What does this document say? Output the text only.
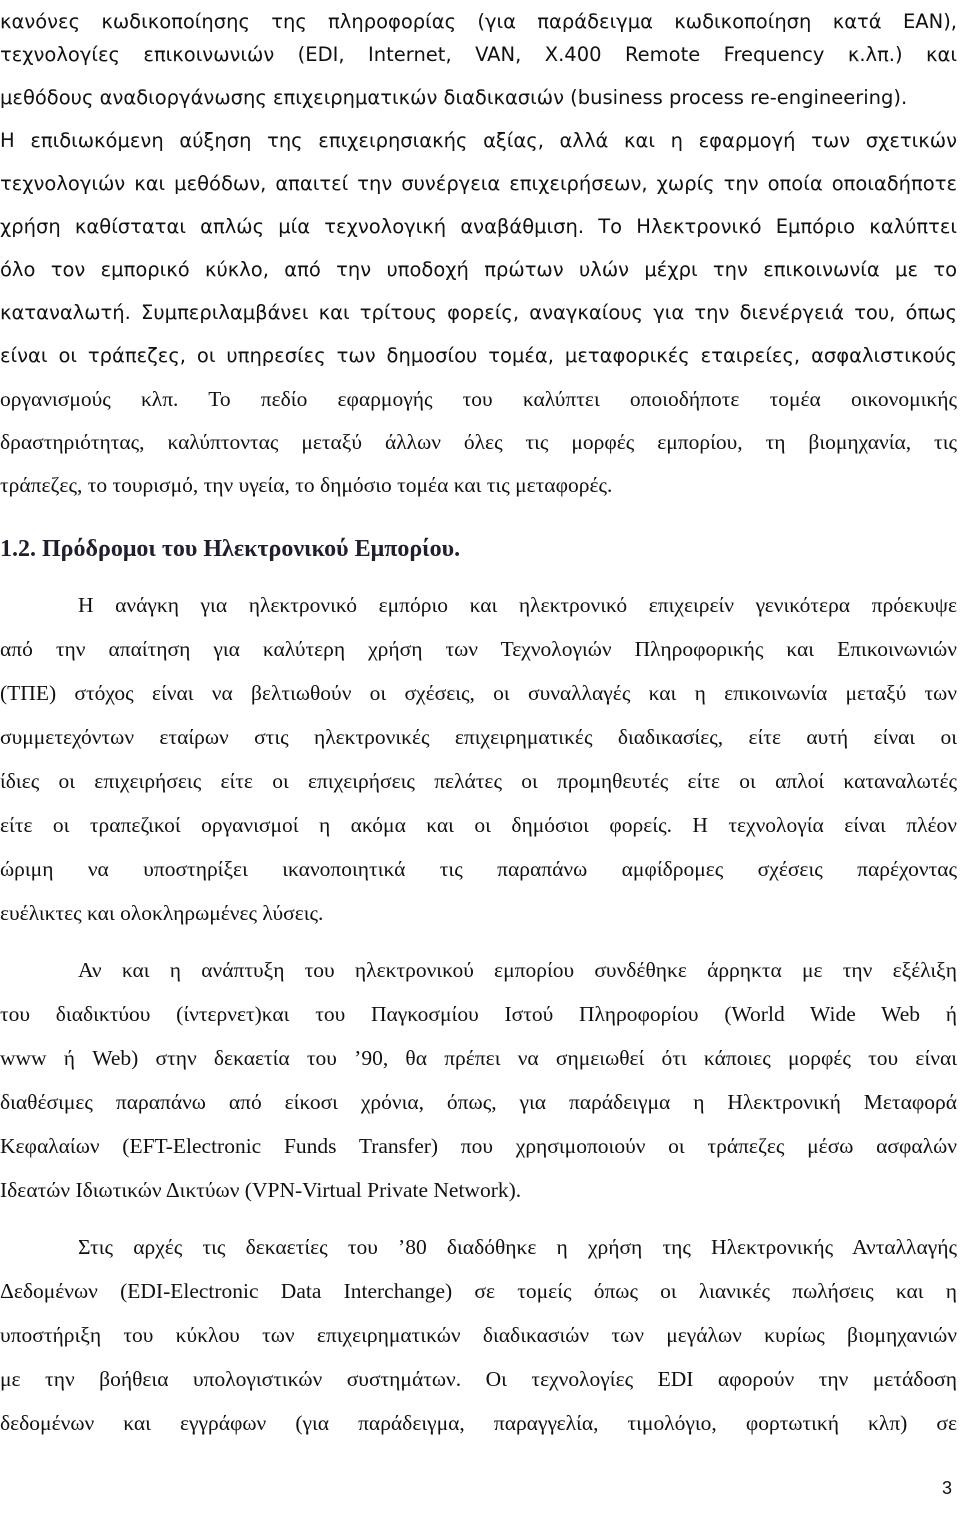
κανόνες κωδικοποίησης της πληροφορίας (για παράδειγμα κωδικοποίηση κατά EAN),
τεχνολογίες επικοινωνιών (EDI, Internet, VAN, X.400 Remote Frequency κ.λπ.) και
μεθόδους αναδιοργάνωσης επιχειρηματικών διαδικασιών (business process re-engineering).
Η επιδιωκόμενη αύξηση της επιχειρησιακής αξίας, αλλά και η εφαρμογή των σχετικών
τεχνολογιών και μεθόδων, απαιτεί την συνέργεια επιχειρήσεων, χωρίς την οποία οποιαδήποτε
χρήση καθίσταται απλώς μία τεχνολογική αναβάθμιση. Το Ηλεκτρονικό Εμπόριο καλύπτει
όλο τον εμπορικό κύκλο, από την υποδοχή πρώτων υλών μέχρι την επικοινωνία με το
καταναλωτή. Συμπεριλαμβάνει και τρίτους φορείς, αναγκαίους για την διενέργειά του, όπως
είναι οι τράπεζες, οι υπηρεσίες των δημοσίου τομέα, μεταφορικές εταιρείες, ασφαλιστικούς
οργανισμούς κλπ. Το πεδίο εφαρμογής του καλύπτει οποιοδήποτε τομέα οικονομικής
δραστηριότητας, καλύπτοντας μεταξύ άλλων όλες τις μορφές εμπορίου, τη βιομηχανία, τις
τράπεζες, το τουρισμό, την υγεία, το δημόσιο τομέα και τις μεταφορές.
1.2. Πρόδρομοι του Ηλεκτρονικού Εμπορίου.
Η ανάγκη για ηλεκτρονικό εμπόριο και ηλεκτρονικό επιχειρείν γενικότερα πρόεκυψε
από την απαίτηση για καλύτερη χρήση των Τεχνολογιών Πληροφορικής και Επικοινωνιών
(ΤΠΕ) στόχος είναι να βελτιωθούν οι σχέσεις, οι συναλλαγές και η επικοινωνία μεταξύ των
συμμετεχόντων εταίρων στις ηλεκτρονικές επιχειρηματικές διαδικασίες, είτε αυτή είναι οι
ίδιες οι επιχειρήσεις είτε οι επιχειρήσεις πελάτες οι προμηθευτές είτε οι απλοί καταναλωτές
είτε οι τραπεζικοί οργανισμοί η ακόμα και οι δημόσιοι φορείς. Η τεχνολογία είναι πλέον
ώριμη να υποστηρίξει ικανοποιητικά τις παραπάνω αμφίδρομες σχέσεις παρέχοντας
ευέλικτες και ολοκληρωμένες λύσεις.
Αν και η ανάπτυξη του ηλεκτρονικού εμπορίου συνδέθηκε άρρηκτα με την εξέλιξη
του διαδικτύου (ίντερνετ)και του Παγκοσμίου Ιστού Πληροφορίου (World Wide Web ή
www ή Web) στην δεκαετία του ’90, θα πρέπει να σημειωθεί ότι κάποιες μορφές του είναι
διαθέσιμες παραπάνω από είκοσι χρόνια, όπως, για παράδειγμα η Ηλεκτρονική Μεταφορά
Κεφαλαίων (EFT-Electronic Funds Transfer) που χρησιμοποιούν οι τράπεζες μέσω ασφαλών
Ιδεατών Ιδιωτικών Δικτύων (VPN-Virtual Private Network).
Στις αρχές τις δεκαετίες του ’80 διαδόθηκε η χρήση της Ηλεκτρονικής Ανταλλαγής
Δεδομένων (EDI-Electronic Data Interchange) σε τομείς όπως οι λιανικές πωλήσεις και η
υποστήριξη του κύκλου των επιχειρηματικών διαδικασιών των μεγάλων κυρίως βιομηχανιών
με την βοήθεια υπολογιστικών συστημάτων. Οι τεχνολογίες EDI αφορούν την μετάδοση
δεδομένων και εγγράφων (για παράδειγμα, παραγγελία, τιμολόγιο, φορτωτική κλπ) σε
3
